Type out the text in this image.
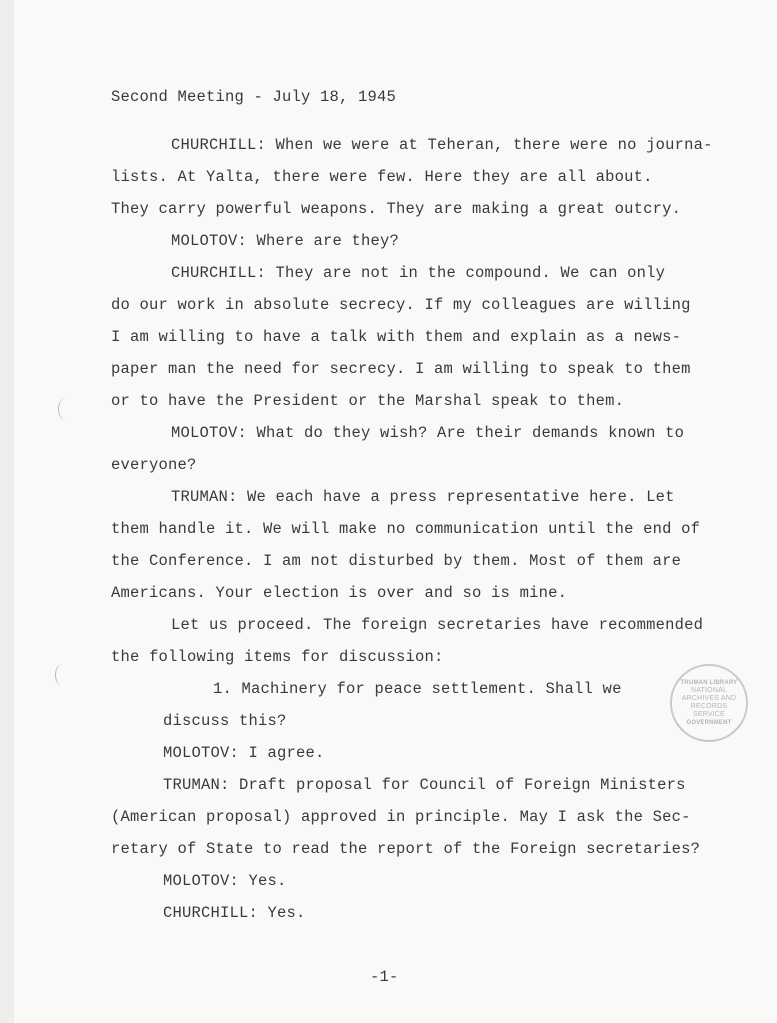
Second Meeting - July 18, 1945
CHURCHILL: When we were at Teheran, there were no journa-
lists. At Yalta, there were few. Here they are all about.
They carry powerful weapons. They are making a great outcry.
MOLOTOV: Where are they?
CHURCHILL: They are not in the compound. We can only
do our work in absolute secrecy. If my colleagues are willing
I am willing to have a talk with them and explain as a news-
paper man the need for secrecy. I am willing to speak to them
or to have the President or the Marshal speak to them.
MOLOTOV: What do they wish? Are their demands known to
everyone?
TRUMAN: We each have a press representative here. Let
them handle it. We will make no communication until the end of
the Conference. I am not disturbed by them. Most of them are
Americans. Your election is over and so is mine.
Let us proceed. The foreign secretaries have recommended
the following items for discussion:
1. Machinery for peace settlement. Shall we
discuss this?
MOLOTOV: I agree.
TRUMAN: Draft proposal for Council of Foreign Ministers
(American proposal) approved in principle. May I ask the Sec-
retary of State to read the report of the Foreign secretaries?
MOLOTOV: Yes.
CHURCHILL: Yes.
-1-
TRUMAN LIBRARY
NATIONAL
ARCHIVES AND
RECORDS
SERVICE
GOVERNMENT
